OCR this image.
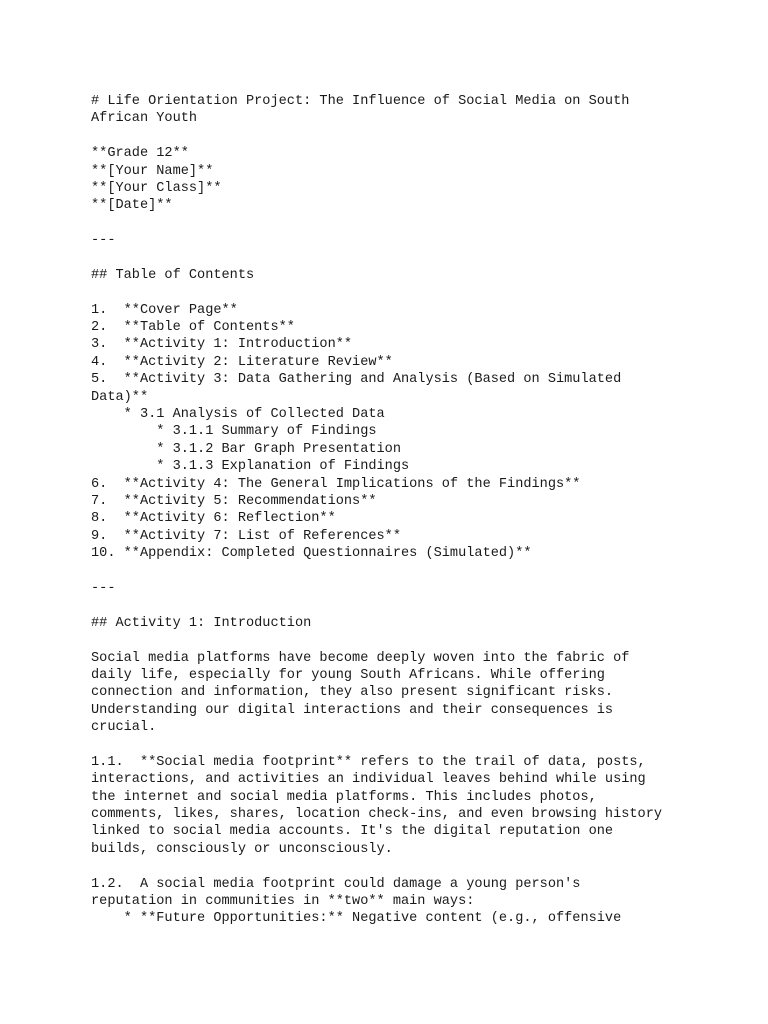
# Life Orientation Project: The Influence of Social Media on South
African Youth
**Grade 12**
**[Your Name]**
**[Your Class]**
**[Date]**
---
## Table of Contents
1.  **Cover Page**
2.  **Table of Contents**
3.  **Activity 1: Introduction**
4.  **Activity 2: Literature Review**
5.  **Activity 3: Data Gathering and Analysis (Based on Simulated
Data)**
* 3.1 Analysis of Collected Data
* 3.1.1 Summary of Findings
* 3.1.2 Bar Graph Presentation
* 3.1.3 Explanation of Findings
6.  **Activity 4: The General Implications of the Findings**
7.  **Activity 5: Recommendations**
8.  **Activity 6: Reflection**
9.  **Activity 7: List of References**
10. **Appendix: Completed Questionnaires (Simulated)**
---
## Activity 1: Introduction
Social media platforms have become deeply woven into the fabric of
daily life, especially for young South Africans. While offering
connection and information, they also present significant risks.
Understanding our digital interactions and their consequences is
crucial.
1.1.  **Social media footprint** refers to the trail of data, posts,
interactions, and activities an individual leaves behind while using
the internet and social media platforms. This includes photos,
comments, likes, shares, location check-ins, and even browsing history
linked to social media accounts. It's the digital reputation one
builds, consciously or unconsciously.
1.2.  A social media footprint could damage a young person's
reputation in communities in **two** main ways:
* **Future Opportunities:** Negative content (e.g., offensive
